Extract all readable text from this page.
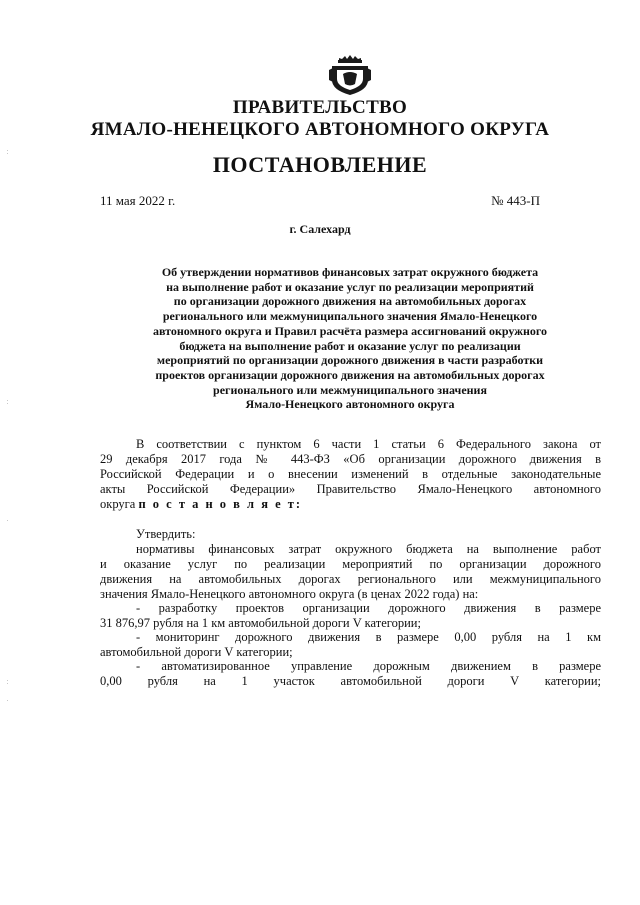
ПРАВИТЕЛЬСТВО
ЯМАЛО-НЕНЕЦКОГО АВТОНОМНОГО ОКРУГА
ПОСТАНОВЛЕНИЕ
11 мая 2022 г.	№ 443-П
г. Салехард
Об утверждении нормативов финансовых затрат окружного бюджета
на выполнение работ и оказание услуг по реализации мероприятий
по организации дорожного движения на автомобильных дорогах
регионального или межмуниципального значения Ямало-Ненецкого
автономного округа и Правил расчёта размера ассигнований окружного
бюджета на выполнение работ и оказание услуг по реализации
мероприятий по организации дорожного движения в части разработки
проектов организации дорожного движения на автомобильных дорогах
регионального или межмуниципального значения
Ямало-Ненецкого автономного округа
В соответствии с пунктом 6 части 1 статьи 6 Федерального закона от
29 декабря 2017 года № 443-ФЗ «Об организации дорожного движения в
Российской Федерации и о внесении изменений в отдельные законодательные
акты Российской Федерации» Правительство Ямало-Ненецкого автономного
округа п о с т а н о в л я е т:
Утвердить:
нормативы финансовых затрат окружного бюджета на выполнение работ
и оказание услуг по реализации мероприятий по организации дорожного
движения на автомобильных дорогах регионального или межмуниципального
значения Ямало-Ненецкого автономного округа (в ценах 2022 года) на:
- разработку проектов организации дорожного движения в размере
31 876,97 рубля на 1 км автомобильной дороги V категории;
- мониторинг дорожного движения в размере 0,00 рубля на 1 км
автомобильной дороги V категории;
- автоматизированное управление дорожным движением в размере
0,00 рубля на 1 участок автомобильной дороги V категории;
